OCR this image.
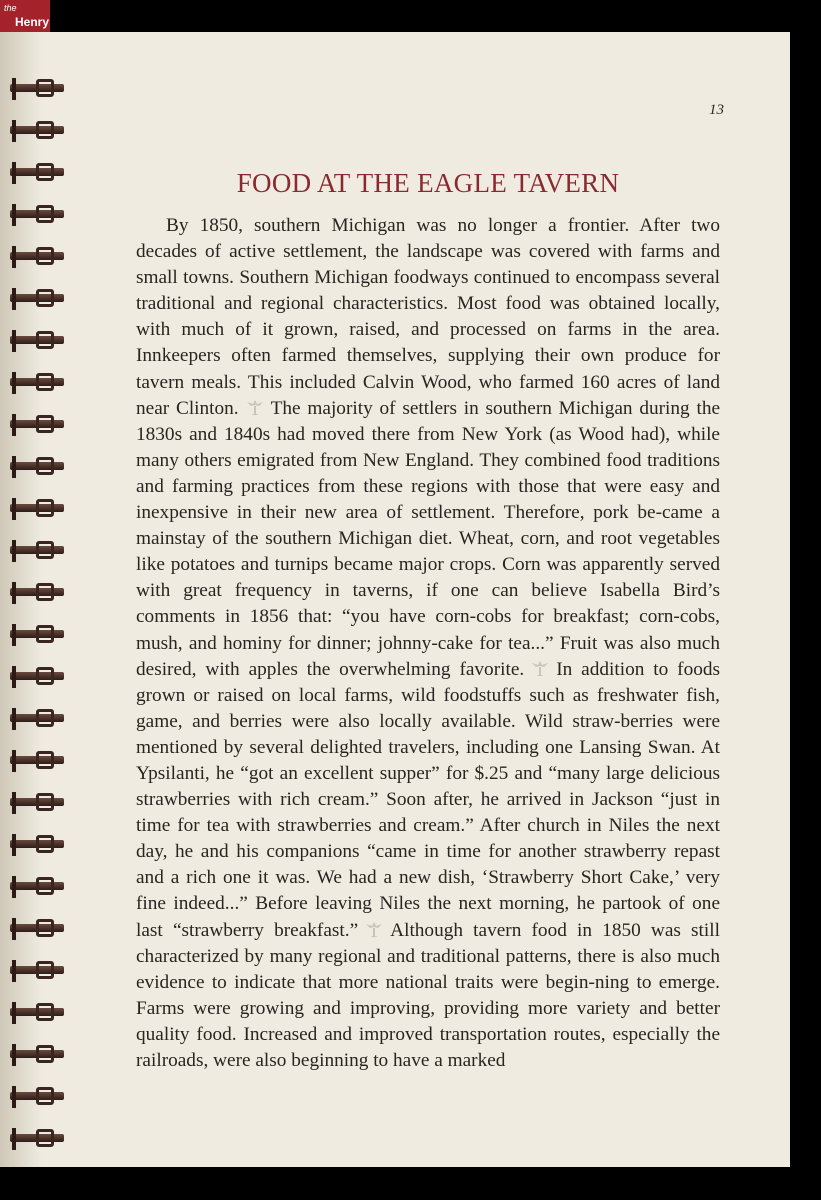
the
Henry
13
FOOD AT THE EAGLE TAVERN
By 1850, southern Michigan was no longer a frontier. After two decades of active settlement, the landscape was covered with farms and small towns. Southern Michigan foodways continued to encompass several traditional and regional characteristics. Most food was obtained locally, with much of it grown, raised, and processed on farms in the area. Innkeepers often farmed themselves, supplying their own produce for tavern meals. This included Calvin Wood, who farmed 160 acres of land near Clinton. The majority of settlers in southern Michigan during the 1830s and 1840s had moved there from New York (as Wood had), while many others emigrated from New England. They combined food traditions and farming practices from these regions with those that were easy and inexpensive in their new area of settlement. Therefore, pork be-came a mainstay of the southern Michigan diet. Wheat, corn, and root vegetables like potatoes and turnips became major crops. Corn was apparently served with great frequency in taverns, if one can believe Isabella Bird’s comments in 1856 that: “you have corn-cobs for breakfast; corn-cobs, mush, and hominy for dinner; johnny-cake for tea...” Fruit was also much desired, with apples the overwhelming favorite. In addition to foods grown or raised on local farms, wild foodstuffs such as freshwater fish, game, and berries were also locally available. Wild straw-berries were mentioned by several delighted travelers, including one Lansing Swan. At Ypsilanti, he “got an excellent supper” for $.25 and “many large delicious strawberries with rich cream.” Soon after, he arrived in Jackson “just in time for tea with strawberries and cream.” After church in Niles the next day, he and his companions “came in time for another strawberry repast and a rich one it was. We had a new dish, ‘Strawberry Short Cake,’ very fine indeed...” Before leaving Niles the next morning, he partook of one last “strawberry breakfast.” Although tavern food in 1850 was still characterized by many regional and traditional patterns, there is also much evidence to indicate that more national traits were begin-ning to emerge. Farms were growing and improving, providing more variety and better quality food. Increased and improved transportation routes, especially the railroads, were also beginning to have a marked
